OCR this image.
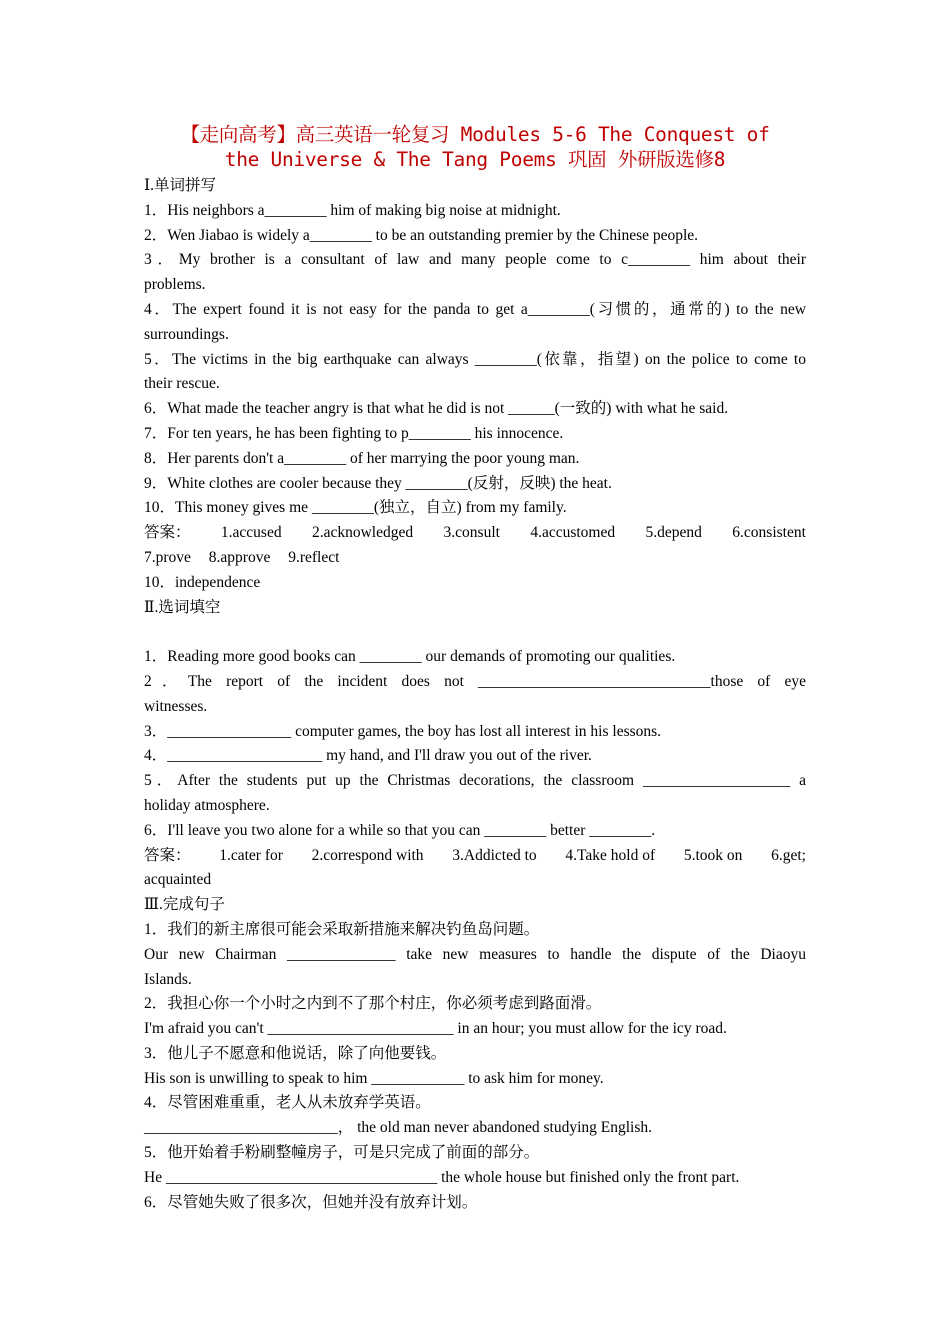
【走向高考】高三英语一轮复习 Modules 5-6 The Conquest of
the Universe & The Tang Poems 巩固 外研版选修8
Ⅰ.单词拼写
1．His neighbors a________ him of making big noise at midnight.
2．Wen Jiabao is widely a________ to be an outstanding premier by the Chinese people.
3．My brother is a consultant of law and many people come to c________ him about their
problems.
4．The expert found it is not easy for the panda to get a________(习惯的，通常的) to the new
surroundings.
5．The victims in the big earthquake can always ________(依靠，指望) on the police to come to
their rescue.
6．What made the teacher angry is that what he did is not ______(一致的) with what he said.
7．For ten years, he has been fighting to p________ his innocence.
8．Her parents don't a________ of her marrying the poor young man.
9．White clothes are cooler because they ________(反射，反映) the heat.
10．This money gives me ________(独立，自立) from my family.
答案： 1.accused 2.acknowledged 3.consult 4.accustomed 5.depend 6.consistent
7.prove 8.approve 9.reflect
10．independence
Ⅱ.选词填空
1．Reading more good books can ________ our demands of promoting our qualities.
2．The report of the incident does not ______________________________those of eye
witnesses.
3．________________ computer games, the boy has lost all interest in his lessons.
4．____________________ my hand, and I'll draw you out of the river.
5．After the students put up the Christmas decorations, the classroom ___________________ a
holiday atmosphere.
6．I'll leave you two alone for a while so that you can ________ better ________.
答案： 1.cater for 2.correspond with 3.Addicted to 4.Take hold of 5.took on 6.get;
acquainted
Ⅲ.完成句子
1．我们的新主席很可能会采取新措施来解决钓鱼岛问题。
Our new Chairman ______________ take new measures to handle the dispute of the Diaoyu
Islands.
2．我担心你一个小时之内到不了那个村庄，你必须考虑到路面滑。
I'm afraid you can't ________________________ in an hour; you must allow for the icy road.
3．他儿子不愿意和他说话，除了向他要钱。
His son is unwilling to speak to him ____________ to ask him for money.
4．尽管困难重重，老人从未放弃学英语。
_________________________， the old man never abandoned studying English.
5．他开始着手粉刷整幢房子，可是只完成了前面的部分。
He ___________________________________ the whole house but finished only the front part.
6．尽管她失败了很多次，但她并没有放弃计划。
